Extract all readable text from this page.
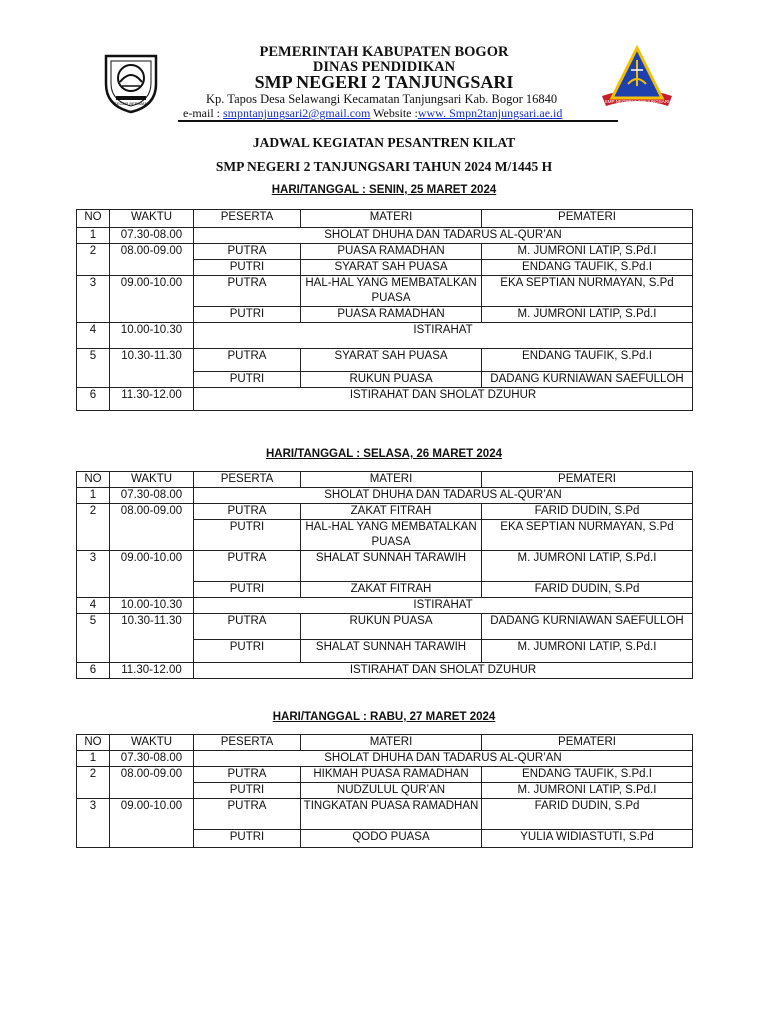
TEGAR BERIMAN
PEMERINTAH KABUPATEN BOGOR
DINAS PENDIDIKAN
SMP NEGERI 2 TANJUNGSARI
Kp. Tapos Desa Selawangi Kecamatan Tanjungsari Kab. Bogor 16840
e-mail : smpntanjungsari2@gmail.com Website :www. Smpn2tanjungsari.ae.id
SMP NEGERI 2 TANJUNGSARI
JADWAL KEGIATAN PESANTREN KILAT
SMP NEGERI 2 TANJUNGSARI TAHUN 2024 M/1445 H
HARI/TANGGAL : SENIN, 25 MARET 2024
NO	WAKTU	PESERTA	MATERI	PEMATERI
1	07.30-08.00	SHOLAT DHUHA DAN TADARUS AL-QUR’AN		
2	08.00-09.00	PUTRA	PUASA RAMADHAN	M. JUMRONI LATIP, S.Pd.I
		PUTRI	SYARAT SAH PUASA	ENDANG TAUFIK, S.Pd.I
3	09.00-10.00	PUTRA	HAL-HAL YANG MEMBATALKAN PUASA	EKA SEPTIAN NURMAYAN, S.Pd
		PUTRI	PUASA RAMADHAN	M. JUMRONI LATIP, S.Pd.I
4	10.00-10.30	ISTIRAHAT		
5	10.30-11.30	PUTRA	SYARAT SAH PUASA	ENDANG TAUFIK, S.Pd.I
		PUTRI	RUKUN PUASA	DADANG KURNIAWAN SAEFULLOH
6	11.30-12.00	ISTIRAHAT DAN SHOLAT DZUHUR		
HARI/TANGGAL : SELASA, 26 MARET 2024
NO	WAKTU	PESERTA	MATERI	PEMATERI
1	07.30-08.00	SHOLAT DHUHA DAN TADARUS AL-QUR’AN		
2	08.00-09.00	PUTRA	ZAKAT FITRAH	FARID DUDIN, S.Pd
		PUTRI	HAL-HAL YANG MEMBATALKAN PUASA	EKA SEPTIAN NURMAYAN, S.Pd
3	09.00-10.00	PUTRA	SHALAT SUNNAH TARAWIH	M. JUMRONI LATIP, S.Pd.I
		PUTRI	ZAKAT FITRAH	FARID DUDIN, S.Pd
4	10.00-10.30	ISTIRAHAT		
5	10.30-11.30	PUTRA	RUKUN PUASA	DADANG KURNIAWAN SAEFULLOH
		PUTRI	SHALAT SUNNAH TARAWIH	M. JUMRONI LATIP, S.Pd.I
6	11.30-12.00	ISTIRAHAT DAN SHOLAT DZUHUR		
HARI/TANGGAL : RABU, 27 MARET 2024
NO	WAKTU	PESERTA	MATERI	PEMATERI
1	07.30-08.00	SHOLAT DHUHA DAN TADARUS AL-QUR’AN		
2	08.00-09.00	PUTRA	HIKMAH PUASA RAMADHAN	ENDANG TAUFIK, S.Pd.I
		PUTRI	NUDZULUL QUR’AN	M. JUMRONI LATIP, S.Pd.I
3	09.00-10.00	PUTRA	TINGKATAN PUASA RAMADHAN	FARID DUDIN, S.Pd
		PUTRI	QODO PUASA	YULIA WIDIASTUTI, S.Pd
